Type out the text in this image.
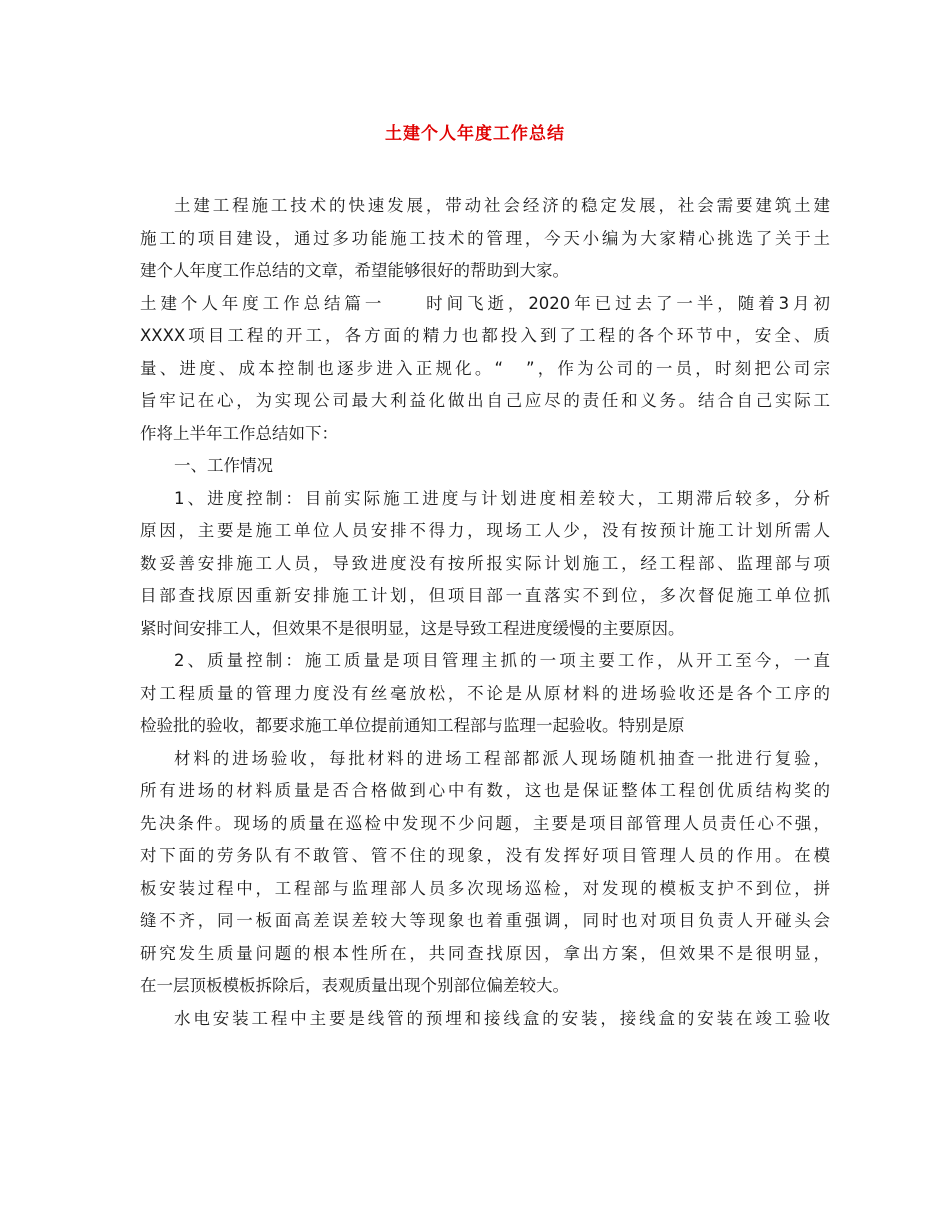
土建个人年度工作总结
土建工程施工技术的快速发展，带动社会经济的稳定发展，社会需要建筑土建
施工的项目建设，通过多功能施工技术的管理，今天小编为大家精心挑选了关于土
建个人年度工作总结的文章，希望能够很好的帮助到大家。
土建个人年度工作总结篇一　　时间飞逝，2020年已过去了一半，随着3月初
XXXX项目工程的开工，各方面的精力也都投入到了工程的各个环节中，安全、质
量、进度、成本控制也逐步进入正规化。“　”，作为公司的一员，时刻把公司宗
旨牢记在心，为实现公司最大利益化做出自己应尽的责任和义务。结合自己实际工
作将上半年工作总结如下：
一、工作情况
1、进度控制：目前实际施工进度与计划进度相差较大，工期滞后较多，分析
原因，主要是施工单位人员安排不得力，现场工人少，没有按预计施工计划所需人
数妥善安排施工人员，导致进度没有按所报实际计划施工，经工程部、监理部与项
目部查找原因重新安排施工计划，但项目部一直落实不到位，多次督促施工单位抓
紧时间安排工人，但效果不是很明显，这是导致工程进度缓慢的主要原因。
2、质量控制：施工质量是项目管理主抓的一项主要工作，从开工至今，一直
对工程质量的管理力度没有丝毫放松，不论是从原材料的进场验收还是各个工序的
检验批的验收，都要求施工单位提前通知工程部与监理一起验收。特别是原
材料的进场验收，每批材料的进场工程部都派人现场随机抽查一批进行复验，
所有进场的材料质量是否合格做到心中有数，这也是保证整体工程创优质结构奖的
先决条件。现场的质量在巡检中发现不少问题，主要是项目部管理人员责任心不强，
对下面的劳务队有不敢管、管不住的现象，没有发挥好项目管理人员的作用。在模
板安装过程中，工程部与监理部人员多次现场巡检，对发现的模板支护不到位，拼
缝不齐，同一板面高差误差较大等现象也着重强调，同时也对项目负责人开碰头会
研究发生质量问题的根本性所在，共同查找原因，拿出方案，但效果不是很明显，
在一层顶板模板拆除后，表观质量出现个别部位偏差较大。
水电安装工程中主要是线管的预埋和接线盒的安装，接线盒的安装在竣工验收
